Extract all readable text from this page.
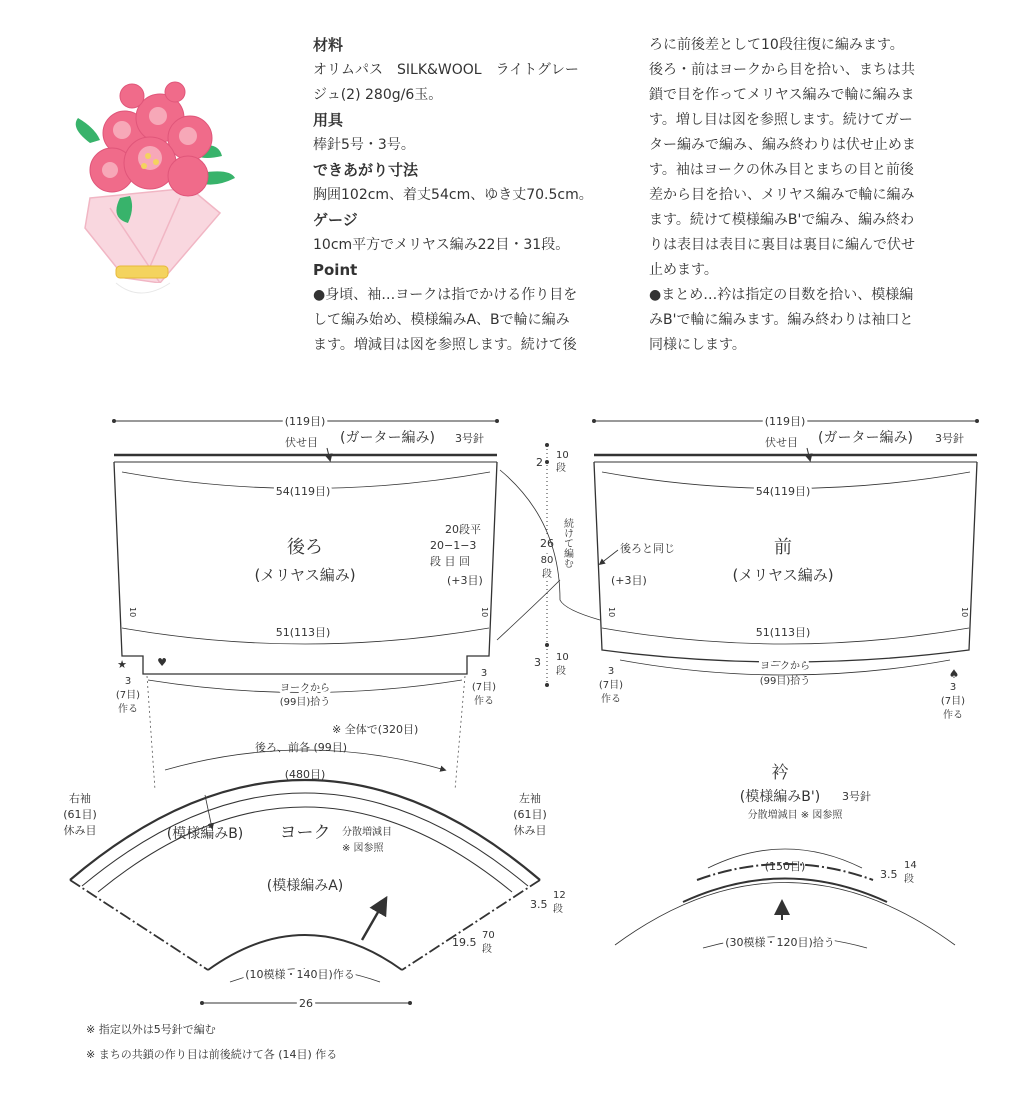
材料
オリムパス　SILK&WOOL　ライトグレー
ジュ(2) 280g/6玉。
用具
棒針5号・3号。
できあがり寸法
胸囲102cm、着丈54cm、ゆき丈70.5cm。
ゲージ
10cm平方でメリヤス編み22目・31段。
Point
●身頃、袖…ヨークは指でかける作り目を
して編み始め、模様編みA、Bで輪に編み
ます。増減目は図を参照します。続けて後
ろに前後差として10段往復に編みます。
後ろ・前はヨークから目を拾い、まちは共
鎖で目を作ってメリヤス編みで輪に編みま
す。増し目は図を参照します。続けてガー
ター編みで編み、編み終わりは伏せ止めま
す。袖はヨークの休み目とまちの目と前後
差から目を拾い、メリヤス編みで輪に編み
ます。続けて模様編みB'で編み、編み終わ
りは表目は表目に裏目は裏目に編んで伏せ
止めます。
●まとめ…衿は指定の目数を拾い、模様編
みB'で輪に編みます。編み終わりは袖口と
同様にします。
(119目)
伏せ目 (ガーター編み) 3号針
54(119目)
後ろ
(メリヤス編み)
20段平
20−1−3
段 目 回
(+3目)
10	10
51(113目)
ヨークから
(99目)拾う
★	♥
3
(7目)
作る
3
(7目)
作る
2
10
段
26
80
段
3 10
段
続けて編む
(119目)
伏せ目 (ガーター編み) 3号針
54(119目)
前
(メリヤス編み)
後ろと同じ
(+3目)
10	10
51(113目)
ヨークから
(99目)拾う
3
(7目)
作る
♠
3
(7目)
作る
※ 全体で(320目)
後ろ、前各 (99目)
(480目)
右袖
(61目)
休み目
左袖
(61目)
休み目
(模様編みB) ヨーク 分散増減目
※ 図参照
(模様編みA)
3.5
12
段
19.5
70
段
(10模様・140目)作る
26
衿
(模様編みB') 3号針
分散増減目 ※ 図参照
(150目)
3.5
14
段
(30模様・120目)拾う
※ 指定以外は5号針で編む
※ まちの共鎖の作り目は前後続けて各 (14目) 作る
